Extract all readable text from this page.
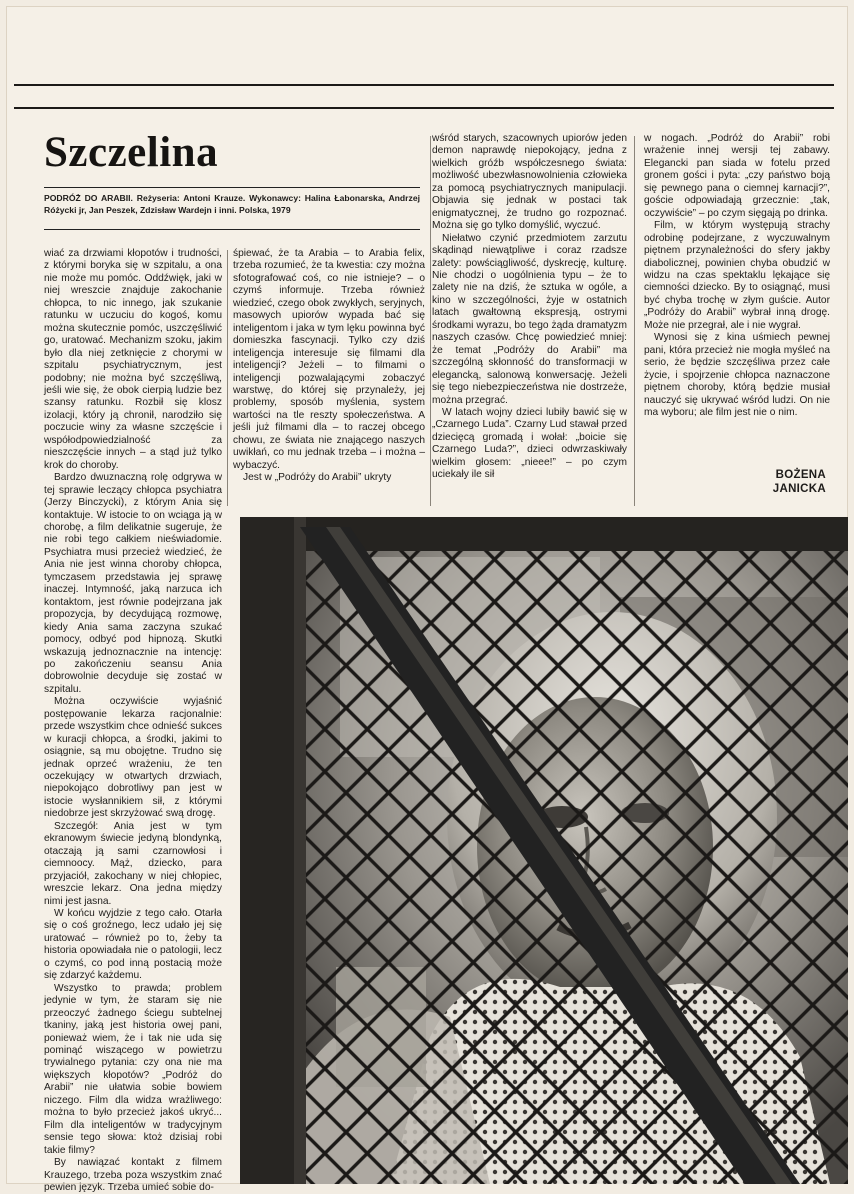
Szczelina
PODRÓŻ DO ARABII. Reżyseria: Antoni Krauze. Wykonawcy: Halina Łabonarska, Andrzej Różycki jr, Jan Peszek, Zdzisław Wardejn i inni. Polska, 1979

wiać za drzwiami kłopotów i trudności, z którymi boryka się w szpitalu, a ona nie może mu pomóc. Oddźwięk, jaki w niej wreszcie znajduje zakochanie chłopca, to nic innego, jak szukanie ratunku w uczuciu do kogoś, komu można skutecznie pomóc, uszczęśliwić go, uratować. Mechanizm szoku, jakim było dla niej zetknięcie z chorymi w szpitalu psychiatrycznym, jest podobny; nie można być szczęśliwą, jeśli wie się, że obok cierpią ludzie bez szansy ratunku. Rozbił się klosz izolacji, który ją chronił, narodziło się poczucie winy za własne szczęście i współodpowiedzialność za nieszczęście innych – a stąd już tylko krok do choroby.

Bardzo dwuznaczną rolę odgrywa w tej sprawie leczący chłopca psychiatra (Jerzy Binczycki), z którym Ania się kontaktuje. W istocie to on wciąga ją w chorobę, a film delikatnie sugeruje, że nie robi tego całkiem nieświadomie. Psychiatra musi przecież wiedzieć, że Ania nie jest winna choroby chłopca, tymczasem przedstawia jej sprawę inaczej. Intymność, jaką narzuca ich kontaktom, jest równie podejrzana jak propozycja, by decydującą rozmowę, kiedy Ania sama zaczyna szukać pomocy, odbyć pod hipnozą. Skutki wskazują jednoznacznie na intencję: po zakończeniu seansu Ania dobrowolnie decyduje się zostać w szpitalu.

Można oczywiście wyjaśnić postępowanie lekarza racjonalnie: przede wszystkim chce odnieść sukces w kuracji chłopca, a środki, jakimi to osiągnie, są mu obojętne. Trudno się jednak oprzeć wrażeniu, że ten oczekujący w otwartych drzwiach, niepokojąco dobrotliwy pan jest w istocie wysłannikiem sił, z którymi niedobrze jest skrzyżować swą drogę.

Szczegół: Ania jest w tym ekranowym świecie jedyną blondynką, otaczają ją sami czarnowłosi i ciemnoocy. Mąż, dziecko, para przyjaciół, zakochany w niej chłopiec, wreszcie lekarz. Ona jedna między nimi jest jasna.

W końcu wyjdzie z tego cało. Otarła się o coś groźnego, lecz udało jej się uratować – również po to, żeby ta historia opowiadała nie o patologii, lecz o czymś, co pod inną postacią może się zdarzyć każdemu.

Wszystko to prawda; problem jedynie w tym, że staram się nie przeoczyć żadnego ściegu subtelnej tkaniny, jaką jest historia owej pani, ponieważ wiem, że i tak nie uda się pominąć wiszącego w powietrzu trywialnego pytania: czy ona nie ma większych kłopotów? „Podróż do Arabii” nie ułatwia sobie bowiem niczego. Film dla widza wrażliwego: można to było przecież jakoś ukryć... Film dla inteligentów w tradycyjnym sensie tego słowa: ktoż dzisiaj robi takie filmy?

By nawiązać kontakt z filmem Krauzego, trzeba poza wszystkim znać pewien język. Trzeba umieć sobie do-

śpiewać, że ta Arabia – to Arabia felix, trzeba rozumieć, że ta kwestia: czy można sfotografować coś, co nie istnieje? – o czymś informuje. Trzeba również wiedzieć, czego obok zwykłych, seryjnych, masowych upiorów wypada bać się inteligentom i jaka w tym lęku powinna być domieszka fascynacji. Tylko czy dziś inteligencja interesuje się filmami dla inteligencji? Jeżeli – to filmami o inteligencji pozwalającymi zobaczyć warstwę, do której się przynależy, jej problemy, sposób myślenia, system wartości na tle reszty społeczeństwa. A jeśli już filmami dla – to raczej obcego chowu, ze świata nie znającego naszych uwikłań, co mu jednak trzeba – i można – wybaczyć.

Jest w „Podróży do Arabii” ukryty

wśród starych, szacownych upiorów jeden demon naprawdę niepokojący, jedna z wielkich gróźb współczesnego świata: możliwość ubezwłasnowolnienia człowieka za pomocą psychiatrycznych manipulacji. Objawia się jednak w postaci tak enigmatycznej, że trudno go rozpoznać. Można się go tylko domyślić, wyczuć.

Niełatwo czynić przedmiotem zarzutu skądinąd niewątpliwe i coraz rzadsze zalety: powściągliwość, dyskrecję, kulturę. Nie chodzi o uogólnienia typu – że to zalety nie na dziś, że sztuka w ogóle, a kino w szczególności, żyje w ostatnich latach gwałtowną ekspresją, ostrymi środkami wyrazu, bo tego żąda dramatyzm naszych czasów. Chcę powiedzieć mniej: że temat „Podróży do Arabii” ma szczególną skłonność do transformacji w elegancką, salonową konwersację. Jeżeli się tego niebezpieczeństwa nie dostrzeże, można przegrać.

W latach wojny dzieci lubiły bawić się w „Czarnego Luda”. Czarny Lud stawał przed dziecięcą gromadą i wołał: „boicie się Czarnego Luda?”, dzieci odwrzaskiwały wielkim głosem: „nieee!” – po czym uciekały ile sił

w nogach. „Podróż do Arabii” robi wrażenie innej wersji tej zabawy. Elegancki pan siada w fotelu przed gronem gości i pyta: „czy państwo boją się pewnego pana o ciemnej karnacji?”, goście odpowiadają grzecznie: „tak, oczywiście” – po czym sięgają po drinka.

Film, w którym występują strachy odrobinę podejrzane, z wyczuwalnym piętnem przynależności do sfery jakby diabolicznej, powinien chyba obudzić w widzu na czas spektaklu lękające się ciemności dziecko. By to osiągnąć, musi być chyba trochę w złym guście. Autor „Podróży do Arabii” wybrał inną drogę. Może nie przegrał, ale i nie wygrał.

Wynosi się z kina uśmiech pewnej pani, która przecież nie mogła myśleć na serio, że będzie szczęśliwa przez całe życie, i spojrzenie chłopca naznaczone piętnem choroby, którą będzie musiał nauczyć się ukrywać wśród ludzi. On nie ma wyboru; ale film jest nie o nim.

BOŻENA
JANICKA
